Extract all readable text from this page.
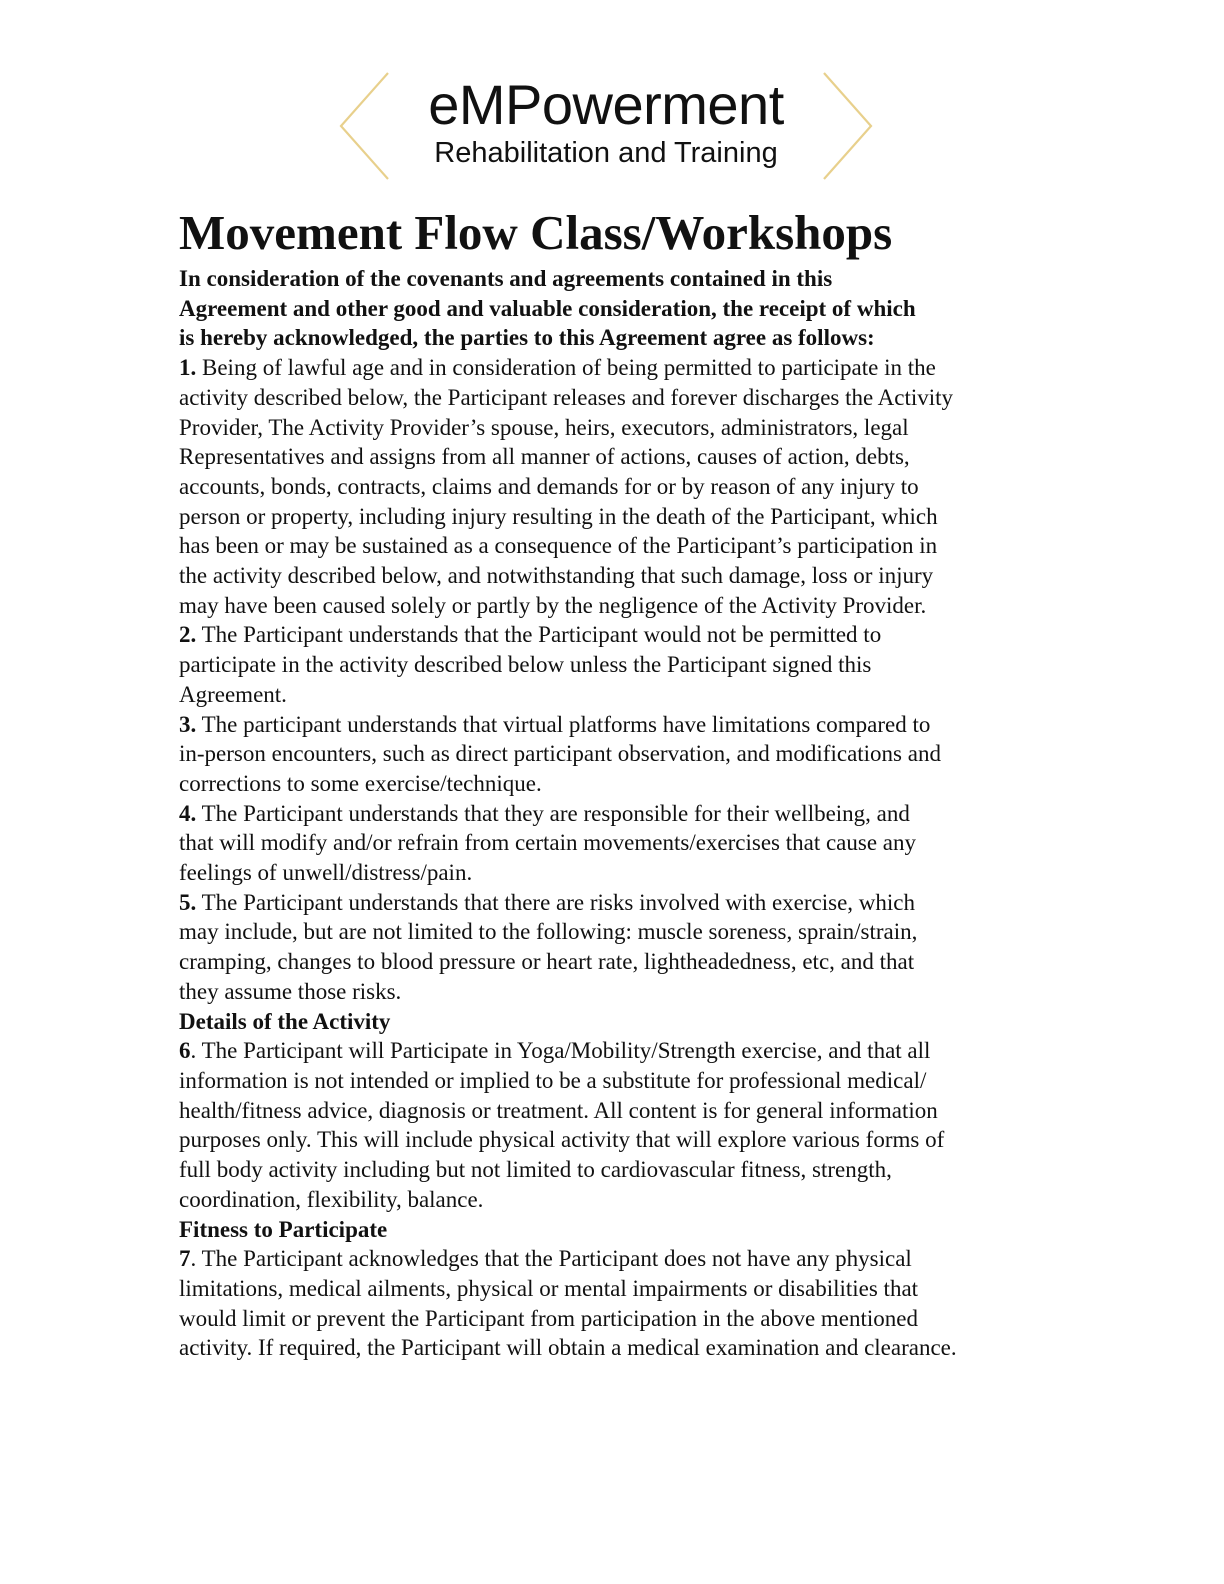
eMPowerment
Rehabilitation and Training
Movement Flow Class/Workshops
In consideration of the covenants and agreements contained in this
Agreement and other good and valuable consideration, the receipt of which
is hereby acknowledged, the parties to this Agreement agree as follows:
1. Being of lawful age and in consideration of being permitted to participate in the
activity described below, the Participant releases and forever discharges the Activity
Provider, The Activity Provider’s spouse, heirs, executors, administrators, legal
Representatives and assigns from all manner of actions, causes of action, debts,
accounts, bonds, contracts, claims and demands for or by reason of any injury to
person or property, including injury resulting in the death of the Participant, which
has been or may be sustained as a consequence of the Participant’s participation in
the activity described below, and notwithstanding that such damage, loss or injury
may have been caused solely or partly by the negligence of the Activity Provider.
2. The Participant understands that the Participant would not be permitted to
participate in the activity described below unless the Participant signed this
Agreement.
3. The participant understands that virtual platforms have limitations compared to
in-person encounters, such as direct participant observation, and modifications and
corrections to some exercise/technique.
4. The Participant understands that they are responsible for their wellbeing, and
that will modify and/or refrain from certain movements/exercises that cause any
feelings of unwell/distress/pain.
5. The Participant understands that there are risks involved with exercise, which
may include, but are not limited to the following: muscle soreness, sprain/strain,
cramping, changes to blood pressure or heart rate, lightheadedness, etc, and that
they assume those risks.
Details of the Activity
6. The Participant will Participate in Yoga/Mobility/Strength exercise, and that all
information is not intended or implied to be a substitute for professional medical/
health/fitness advice, diagnosis or treatment. All content is for general information
purposes only. This will include physical activity that will explore various forms of
full body activity including but not limited to cardiovascular fitness, strength,
coordination, flexibility, balance.
Fitness to Participate
7. The Participant acknowledges that the Participant does not have any physical
limitations, medical ailments, physical or mental impairments or disabilities that
would limit or prevent the Participant from participation in the above mentioned
activity. If required, the Participant will obtain a medical examination and clearance.
